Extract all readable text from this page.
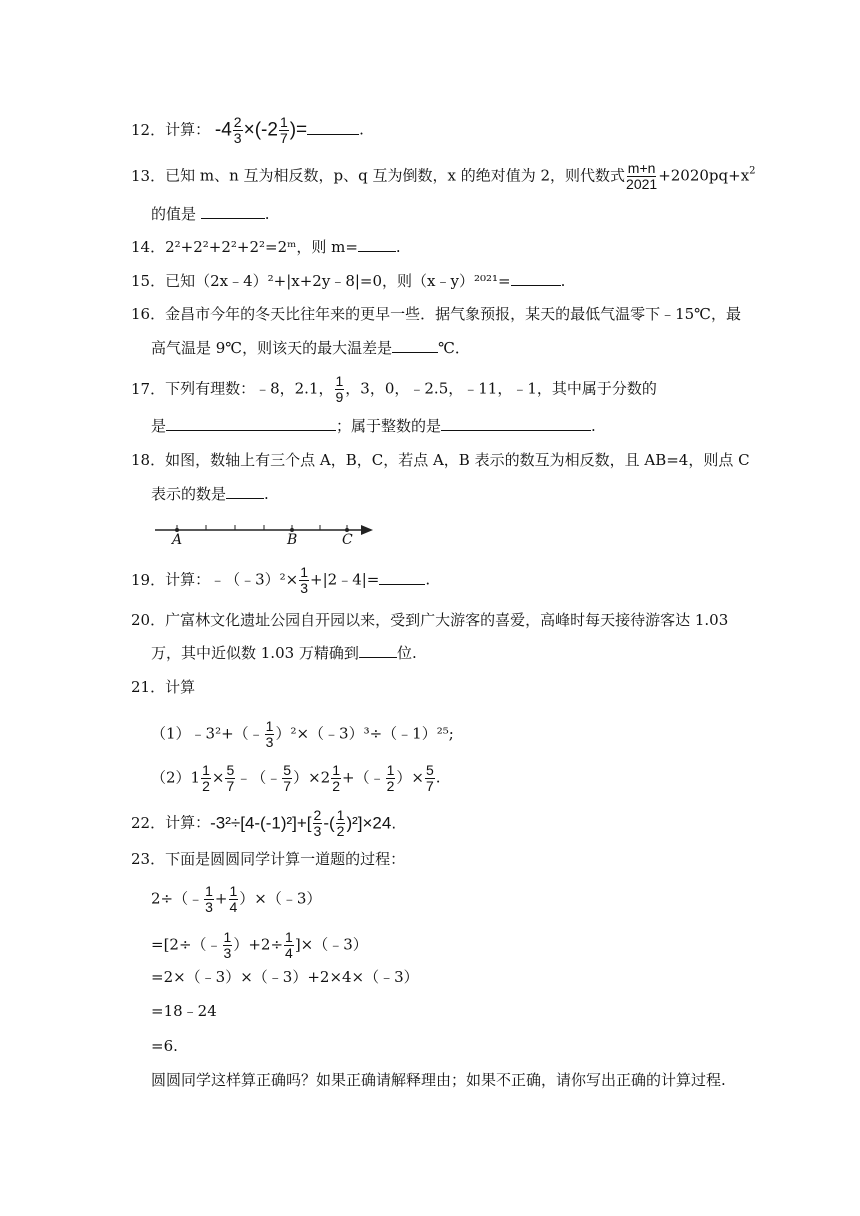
12．计算： $-4 \frac{2}{3} \times(-2 \frac{1}{7}$ )=	.
13．已知 m、n 互为相反数，p、q 互为倒数，x 的绝对值为 2，则代数式 $\frac{m+n}{2021} +2020pq+x^2$
的值是	.
14．2²+2²+2²+2²=2ᵐ，则 m=	.
15．已知（2x﹣4）²+|x+2y﹣8|=0，则（x﹣y）²⁰²¹=	.
16．金昌市今年的冬天比往年来的更早一些．据气象预报，某天的最低气温零下﹣15℃，最
高气温是 9℃，则该天的最大温差是	℃．
17．下列有理数：﹣8，2.1， $\frac{1}{9}$ ，3，0，﹣2.5，﹣11，﹣1，其中属于分数的
是	；属于整数的是	.
18．如图，数轴上有三个点 A，B，C，若点 A，B 表示的数互为相反数，且 AB=4，则点 C
表示的数是	.
A	B	C
19．计算：﹣（﹣3）²× $\frac{1}{3}$ +|2﹣4|=	.
20．广富林文化遗址公园自开园以来，受到广大游客的喜爱，高峰时每天接待游客达 1.03
万，其中近似数 1.03 万精确到	位.
21．计算
（1）﹣3²+（﹣ $\frac{1}{3}$ ）²×（﹣3）³÷（﹣1）²⁵;
$(2)1 \frac{1}{2} \times \frac{5}{7}$ ﹣（﹣ $\frac{5}{7} )\times 2 \frac{1}{2}$ +（﹣ $\frac{1}{2}$ ）× $\frac{5}{7}$ .
22．计算：$-3^2\div[4-(-1)^2]+[ \frac{2}{3}$ -( $\frac{1}{2} )^2]\times 24$.
23．下面是圆圆同学计算一道题的过程：
2÷（﹣ $\frac{1}{3} + \frac{1}{4}$ ）×（﹣3）
=[2÷（﹣ $\frac{1}{3} )+2\div \frac{1}{4}$ ]×（﹣3）
=2×（﹣3）×（﹣3）+2×4×（﹣3）
=18﹣24
=6.
圆圆同学这样算正确吗？如果正确请解释理由；如果不正确，请你写出正确的计算过程.
